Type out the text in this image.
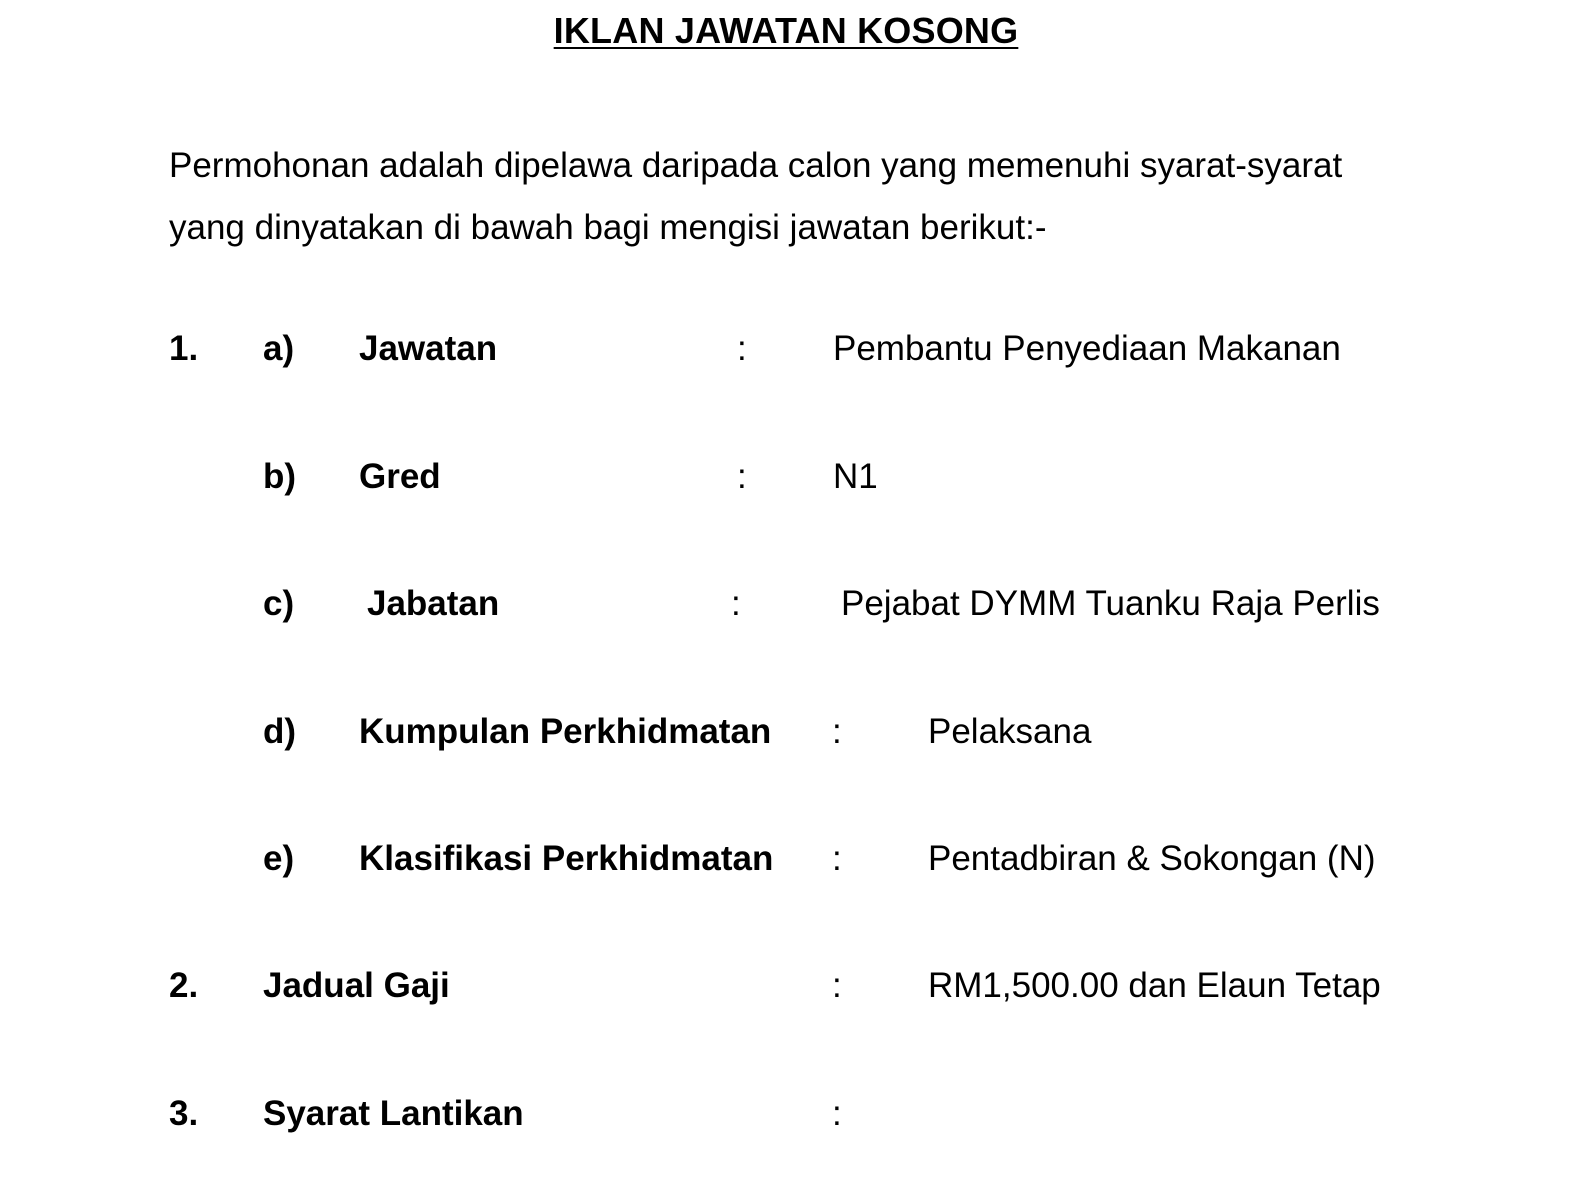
IKLAN JAWATAN KOSONG
Permohonan adalah dipelawa daripada calon yang memenuhi syarat-syarat
yang dinyatakan di bawah bagi mengisi jawatan berikut:-
1. a) Jawatan	: Pembantu Penyediaan Makanan
b) Gred	: N1
c) Jabatan	:	Pejabat DYMM Tuanku Raja Perlis
d) Kumpulan Perkhidmatan : Pelaksana
e) Klasifikasi Perkhidmatan : Pentadbiran & Sokongan (N)
2. Jadual Gaji	: RM1,500.00 dan Elaun Tetap
3. Syarat Lantikan	:
